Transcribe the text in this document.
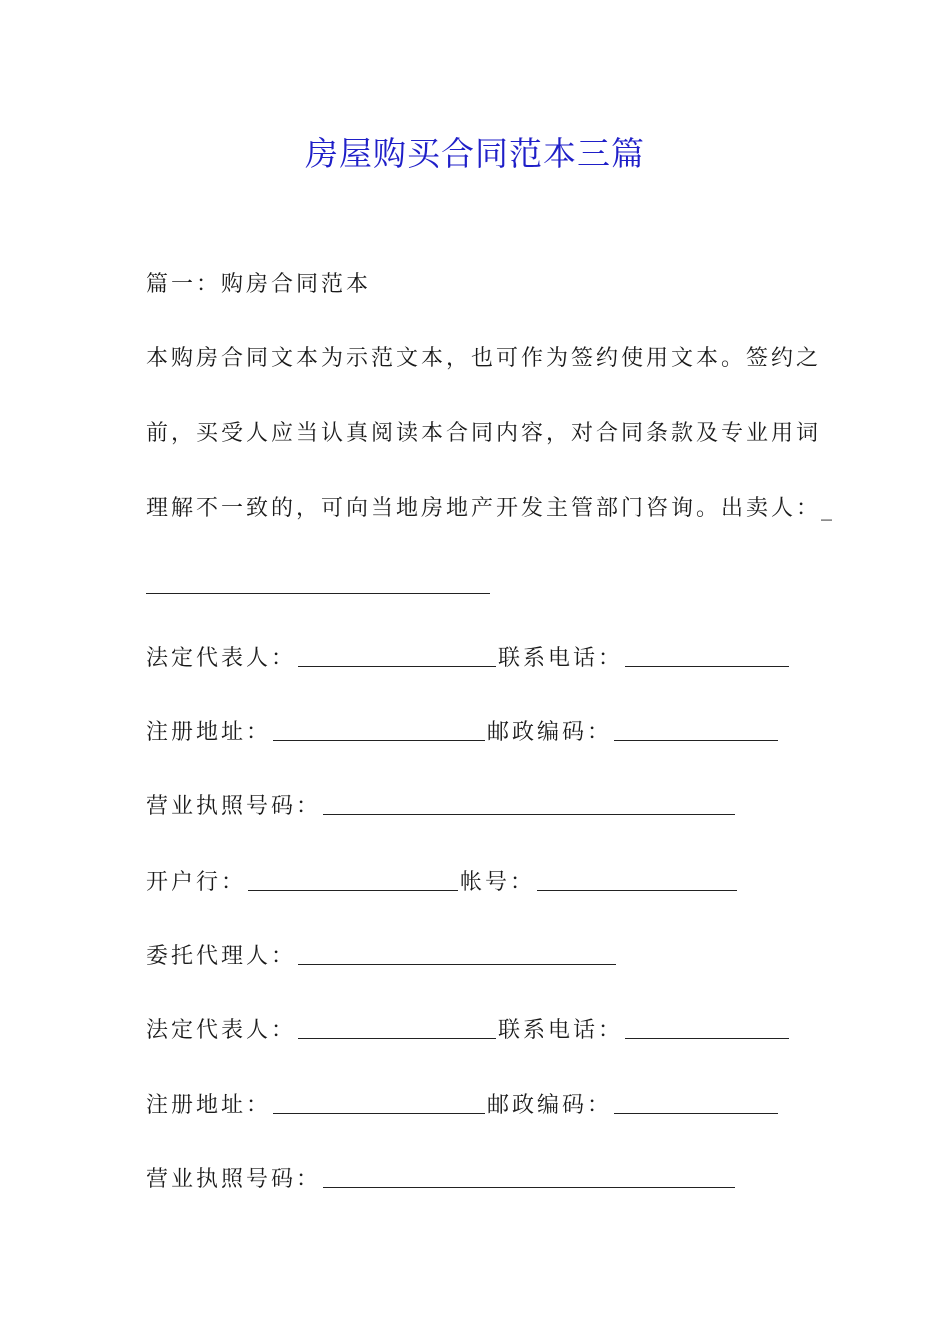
房屋购买合同范本三篇
篇一：购房合同范本
本购房合同文本为示范文本，也可作为签约使用文本。签约之
前，买受人应当认真阅读本合同内容，对合同条款及专业用词
理解不一致的，可向当地房地产开发主管部门咨询。出卖人：_
法定代表人：	联系电话：
注册地址：	邮政编码：
营业执照号码：
开户行：	帐号：
委托代理人：
法定代表人：	联系电话：
注册地址：	邮政编码：
营业执照号码：
